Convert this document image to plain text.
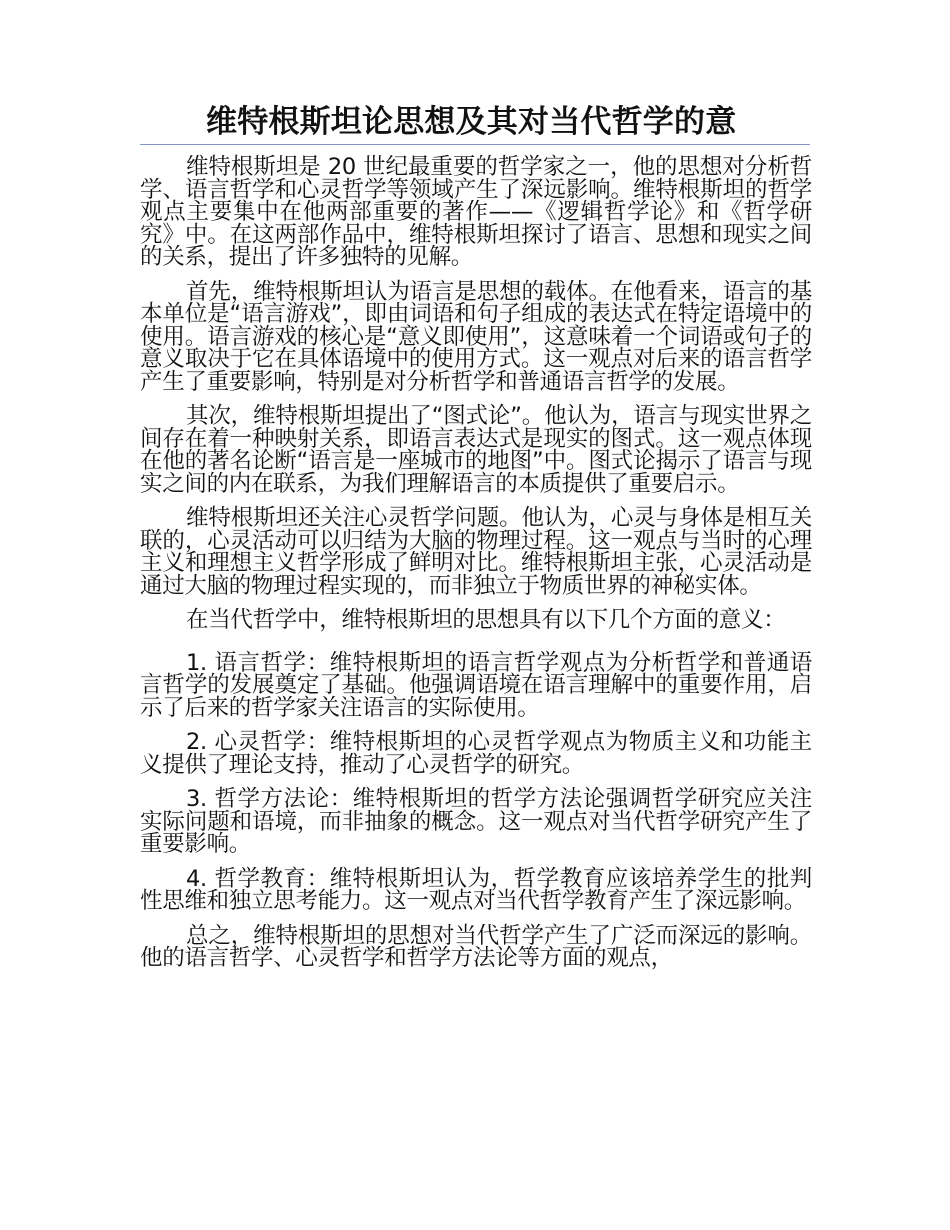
维特根斯坦论思想及其对当代哲学的意

维特根斯坦是 20 世纪最重要的哲学家之一，他的思想对分析哲学、语言哲学和心灵哲学等领域产生了深远影响。维特根斯坦的哲学观点主要集中在他两部重要的著作——《逻辑哲学论》和《哲学研究》中。在这两部作品中，维特根斯坦探讨了语言、思想和现实之间的关系，提出了许多独特的见解。

首先，维特根斯坦认为语言是思想的载体。在他看来，语言的基本单位是“语言游戏”，即由词语和句子组成的表达式在特定语境中的使用。语言游戏的核心是“意义即使用”，这意味着一个词语或句子的意义取决于它在具体语境中的使用方式。这一观点对后来的语言哲学产生了重要影响，特别是对分析哲学和普通语言哲学的发展。

其次，维特根斯坦提出了“图式论”。他认为，语言与现实世界之间存在着一种映射关系，即语言表达式是现实的图式。这一观点体现在他的著名论断“语言是一座城市的地图”中。图式论揭示了语言与现实之间的内在联系，为我们理解语言的本质提供了重要启示。

维特根斯坦还关注心灵哲学问题。他认为，心灵与身体是相互关联的，心灵活动可以归结为大脑的物理过程。这一观点与当时的心理主义和理想主义哲学形成了鲜明对比。维特根斯坦主张，心灵活动是通过大脑的物理过程实现的，而非独立于物质世界的神秘实体。

在当代哲学中，维特根斯坦的思想具有以下几个方面的意义：

1. 语言哲学：维特根斯坦的语言哲学观点为分析哲学和普通语言哲学的发展奠定了基础。他强调语境在语言理解中的重要作用，启示了后来的哲学家关注语言的实际使用。

2. 心灵哲学：维特根斯坦的心灵哲学观点为物质主义和功能主义提供了理论支持，推动了心灵哲学的研究。

3. 哲学方法论：维特根斯坦的哲学方法论强调哲学研究应关注实际问题和语境，而非抽象的概念。这一观点对当代哲学研究产生了重要影响。

4. 哲学教育：维特根斯坦认为，哲学教育应该培养学生的批判性思维和独立思考能力。这一观点对当代哲学教育产生了深远影响。

总之，维特根斯坦的思想对当代哲学产生了广泛而深远的影响。他的语言哲学、心灵哲学和哲学方法论等方面的观点，
